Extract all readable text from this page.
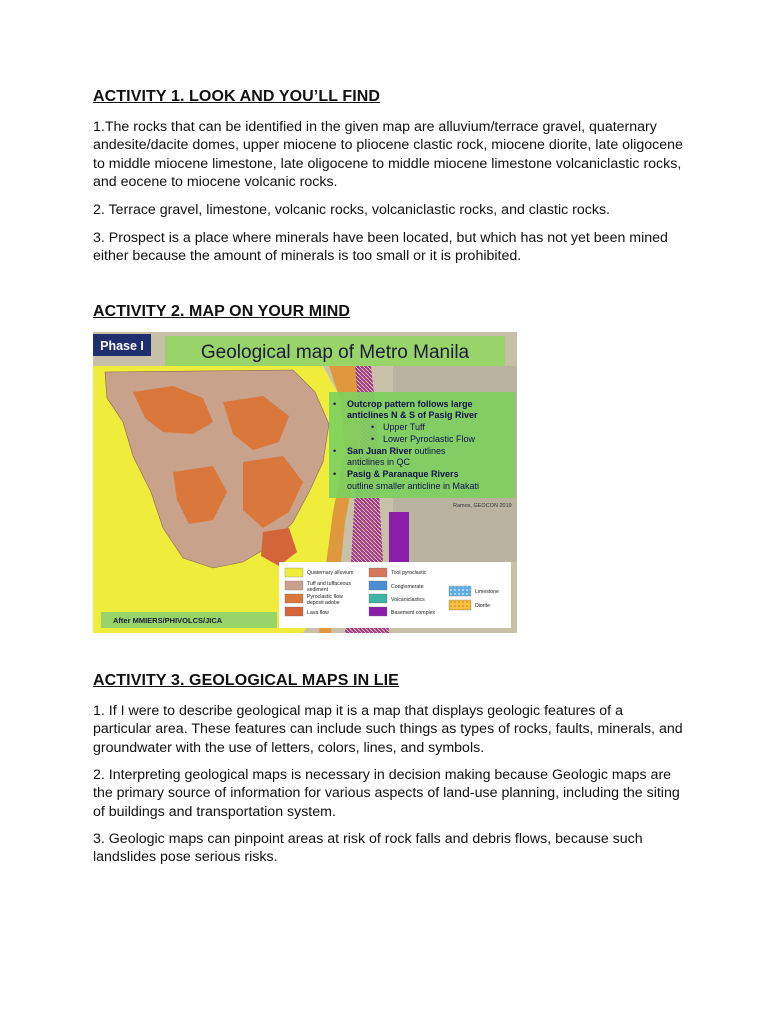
ACTIVITY 1. LOOK AND YOU’LL FIND

1.The rocks that can be identified in the given map are alluvium/terrace gravel, quaternary andesite/dacite domes, upper miocene to pliocene clastic rock, miocene diorite, late oligocene to middle miocene limestone, late oligocene to middle miocene limestone volcaniclastic rocks, and eocene to miocene volcanic rocks.

2. Terrace gravel, limestone, volcanic rocks, volcaniclastic rocks, and clastic rocks.

3. Prospect is a place where minerals have been located, but which has not yet been mined either because the amount of minerals is too small or it is prohibited.

ACTIVITY 2. MAP ON YOUR MIND
Geological map of Metro Manila
Phase I
• Outcrop pattern follows large
anticlines N & S of Pasig River
• Upper Tuff
• Lower Pyroclastic Flow
• San Juan River outlines
anticlines in QC
• Pasig & Paranaque Rivers
outline smaller anticline in Makati
Ramos, GEOCON 2019
Quaternary alluvium
Tuff and tuffaceous
sediment
Pyroclastic flow
deposit adobe
Lava flow
Tool pyroclastic
Conglomerate
Volcaniclastics
Basement complex
Limestone
Diorite
After MMIERS/PHIVOLCS/JICA
ACTIVITY 3. GEOLOGICAL MAPS IN LIE

1. If I were to describe geological map it is a map that displays geologic features of a particular area. These features can include such things as types of rocks, faults, minerals, and groundwater with the use of letters, colors, lines, and symbols.

2. Interpreting geological maps is necessary in decision making because Geologic maps are the primary source of information for various aspects of land-use planning, including the siting of buildings and transportation system.

3. Geologic maps can pinpoint areas at risk of rock falls and debris flows, because such landslides pose serious risks.
